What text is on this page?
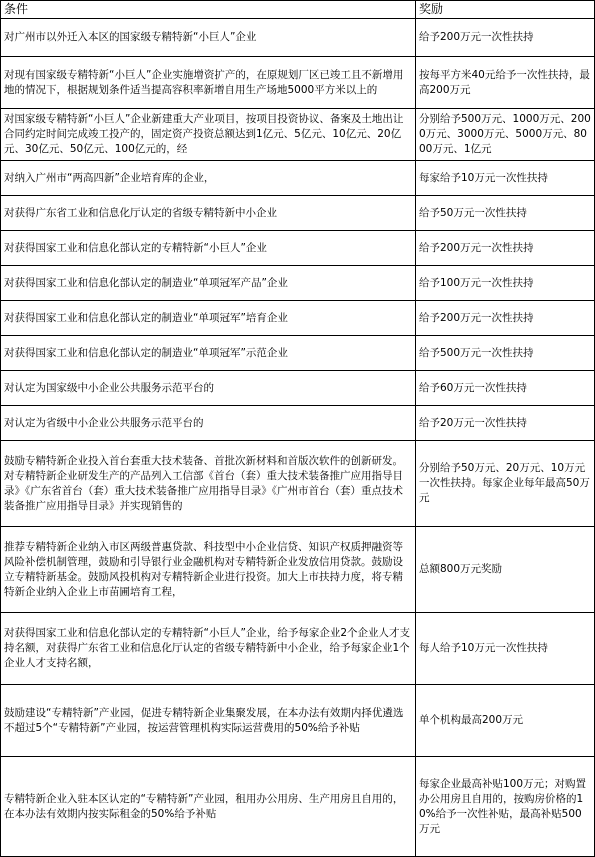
条件	奖励
对广州市以外迁入本区的国家级专精特新“小巨人”企业	给予200万元一次性扶持
对现有国家级专精特新“小巨人”企业实施增资扩产的，在原规划厂区已竣工且不新增用地的情况下，根据规划条件适当提高容积率新增自用生产场地5000平方米以上的	按每平方米40元给予一次性扶持，最高200万元

对国家级专精特新“小巨人”企业新建重大产业项目，按项目投资协议、备案及土地出让合同约定时间完成竣工投产的，固定资产投资总额达到1亿元、5亿元、10亿元、20亿元、30亿元、50亿元、100亿元的，经	分别给予500万元、1000万元、2000万元、3000万元、5000万元、8000万元、1亿元

对纳入广州市“两高四新”企业培育库的企业，	每家给予10万元一次性扶持
对获得广东省工业和信息化厅认定的省级专精特新中小企业	给予50万元一次性扶持
对获得国家工业和信息化部认定的专精特新“小巨人”企业	给予200万元一次性扶持
对获得国家工业和信息化部认定的制造业“单项冠军产品”企业	给予100万元一次性扶持
对获得国家工业和信息化部认定的制造业“单项冠军”培育企业	给予200万元一次性扶持
对获得国家工业和信息化部认定的制造业“单项冠军”示范企业	给予500万元一次性扶持
对认定为国家级中小企业公共服务示范平台的	给予60万元一次性扶持
对认定为省级中小企业公共服务示范平台的	给予20万元一次性扶持
鼓励专精特新企业投入首台套重大技术装备、首批次新材料和首版次软件的创新研发。对专精特新企业研发生产的产品列入工信部《首台（套）重大技术装备推广应用指导目录》《广东省首台（套）重大技术装备推广应用指导目录》《广州市首台（套）重点技术装备推广应用指导目录》并实现销售的	分别给予50万元、20万元、10万元一次性扶持。每家企业每年最高50万元
推荐专精特新企业纳入市区两级普惠贷款、科技型中小企业信贷、知识产权质押融资等风险补偿机制管理，鼓励和引导银行业金融机构对专精特新企业发放信用贷款。鼓励设立专精特新基金。鼓励风投机构对专精特新企业进行投资。加大上市扶持力度，将专精特新企业纳入企业上市苗圃培育工程，	总额800万元奖励
对获得国家工业和信息化部认定的专精特新“小巨人”企业，给予每家企业2个企业人才支持名额，对获得广东省工业和信息化厅认定的省级专精特新中小企业，给予每家企业1个企业人才支持名额，	每人给予10万元一次性扶持
鼓励建设“专精特新”产业园，促进专精特新企业集聚发展，在本办法有效期内择优遴选不超过5个“专精特新”产业园，按运营管理机构实际运营费用的50%给予补贴	单个机构最高200万元
专精特新企业入驻本区认定的“专精特新”产业园，租用办公用房、生产用房且自用的，在本办法有效期内按实际租金的50%给予补贴	每家企业最高补贴100万元；对购置办公用房且自用的，按购房价格的10%给予一次性补贴，最高补贴500万元
